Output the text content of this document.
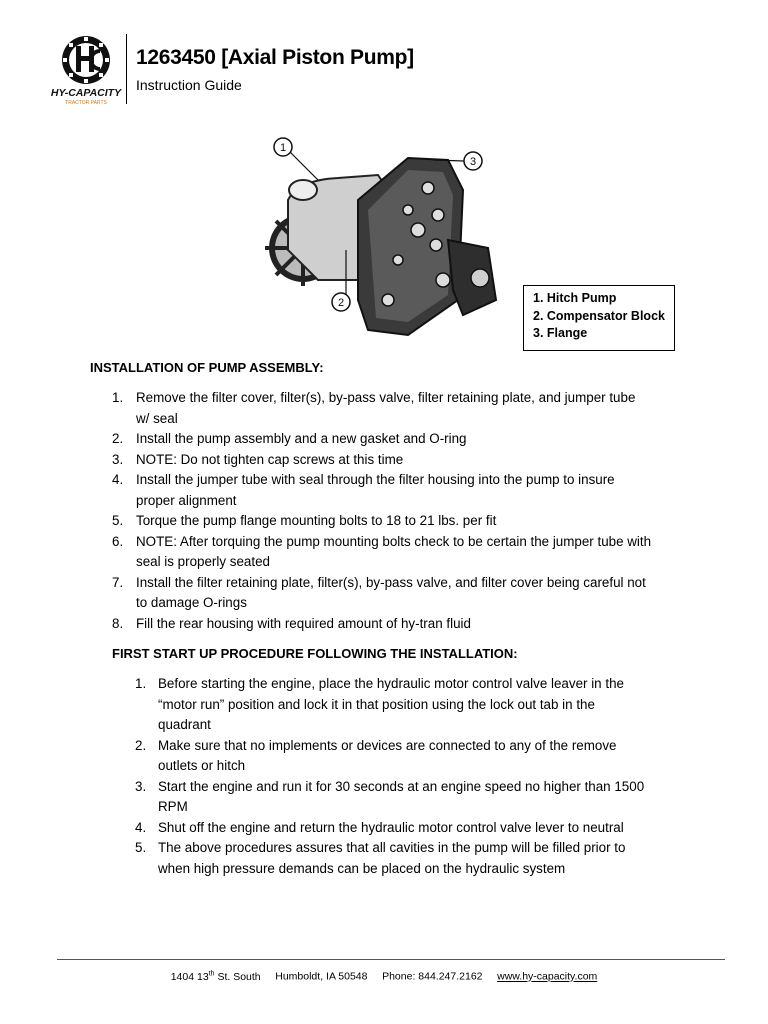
HY-CAPACITY
TRACTOR PARTS
1263450 [Axial Piston Pump]
Instruction Guide
1
2
3
1. Hitch Pump
2. Compensator Block
3. Flange
INSTALLATION OF PUMP ASSEMBLY:
1. Remove the filter cover, filter(s), by-pass valve, filter retaining plate, and jumper tube
w/ seal
2. Install the pump assembly and a new gasket and O-ring
3. NOTE: Do not tighten cap screws at this time
4. Install the jumper tube with seal through the filter housing into the pump to insure
proper alignment
5. Torque the pump flange mounting bolts to 18 to 21 lbs. per fit
6. NOTE: After torquing the pump mounting bolts check to be certain the jumper tube with
seal is properly seated
7. Install the filter retaining plate, filter(s), by-pass valve, and filter cover being careful not
to damage O-rings
8. Fill the rear housing with required amount of hy-tran fluid
FIRST START UP PROCEDURE FOLLOWING THE INSTALLATION:
1. Before starting the engine, place the hydraulic motor control valve leaver in the
“motor run” position and lock it in that position using the lock out tab in the
quadrant
2. Make sure that no implements or devices are connected to any of the remove
outlets or hitch
3. Start the engine and run it for 30 seconds at an engine speed no higher than 1500
RPM
4. Shut off the engine and return the hydraulic motor control valve lever to neutral
5. The above procedures assures that all cavities in the pump will be filled prior to
when high pressure demands can be placed on the hydraulic system
1404 13th St. South Humboldt, IA 50548 Phone: 844.247.2162 www.hy-capacity.com
